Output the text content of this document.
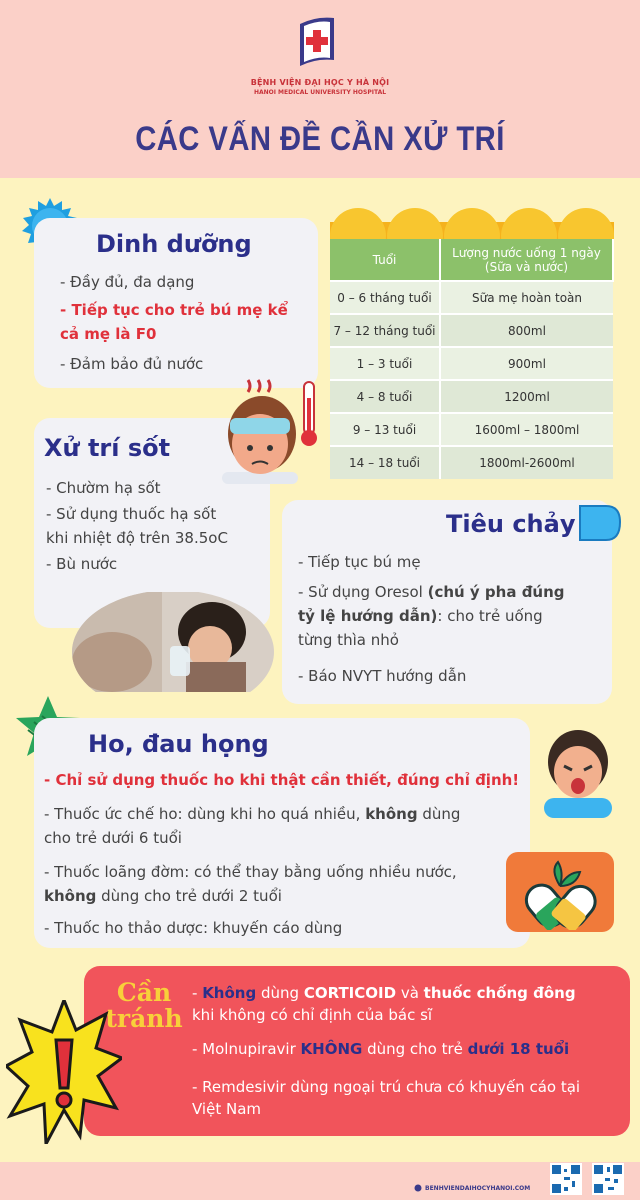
BỆNH VIỆN ĐẠI HỌC Y HÀ NỘI
HANOI MEDICAL UNIVERSITY HOSPITAL
CÁC VẤN ĐỀ CẦN XỬ TRÍ
Dinh dưỡng
- Đầy đủ, đa dạng
- Tiếp tục cho trẻ bú mẹ kể
cả mẹ là F0
- Đảm bảo đủ nước
Tuổi	Lượng nước uống 1 ngày
(Sữa và nước)

0 – 6 tháng tuổi	Sữa mẹ hoàn toàn
7 – 12 tháng tuổi	800ml
1 – 3 tuổi	900ml
4 – 8 tuổi	1200ml
9 – 13 tuổi	1600ml – 1800ml
14 – 18 tuổi	1800ml-2600ml
Xử trí sốt
- Chườm hạ sốt
- Sử dụng thuốc hạ sốt
khi nhiệt độ trên 38.5oC
- Bù nước
Tiêu chảy
- Tiếp tục bú mẹ
- Sử dụng Oresol (chú ý pha đúng
tỷ lệ hướng dẫn): cho trẻ uống
từng thìa nhỏ
- Báo NVYT hướng dẫn
Ho, đau họng
- Chỉ sử dụng thuốc ho khi thật cần thiết, đúng chỉ định!
- Thuốc ức chế ho: dùng khi ho quá nhiều, không dùng
cho trẻ dưới 6 tuổi
- Thuốc loãng đờm: có thể thay bằng uống nhiều nước,
không dùng cho trẻ dưới 2 tuổi
- Thuốc ho thảo dược: khuyến cáo dùng
Cần
tránh
- Không dùng CORTICOID và thuốc chống đông
khi không có chỉ định của bác sĩ
- Molnupiravir KHÔNG dùng cho trẻ dưới 18 tuổi
- Remdesivir dùng ngoại trú chưa có khuyến cáo tại
Việt Nam
BENHVIENDAIHOCYHANOI.COM
